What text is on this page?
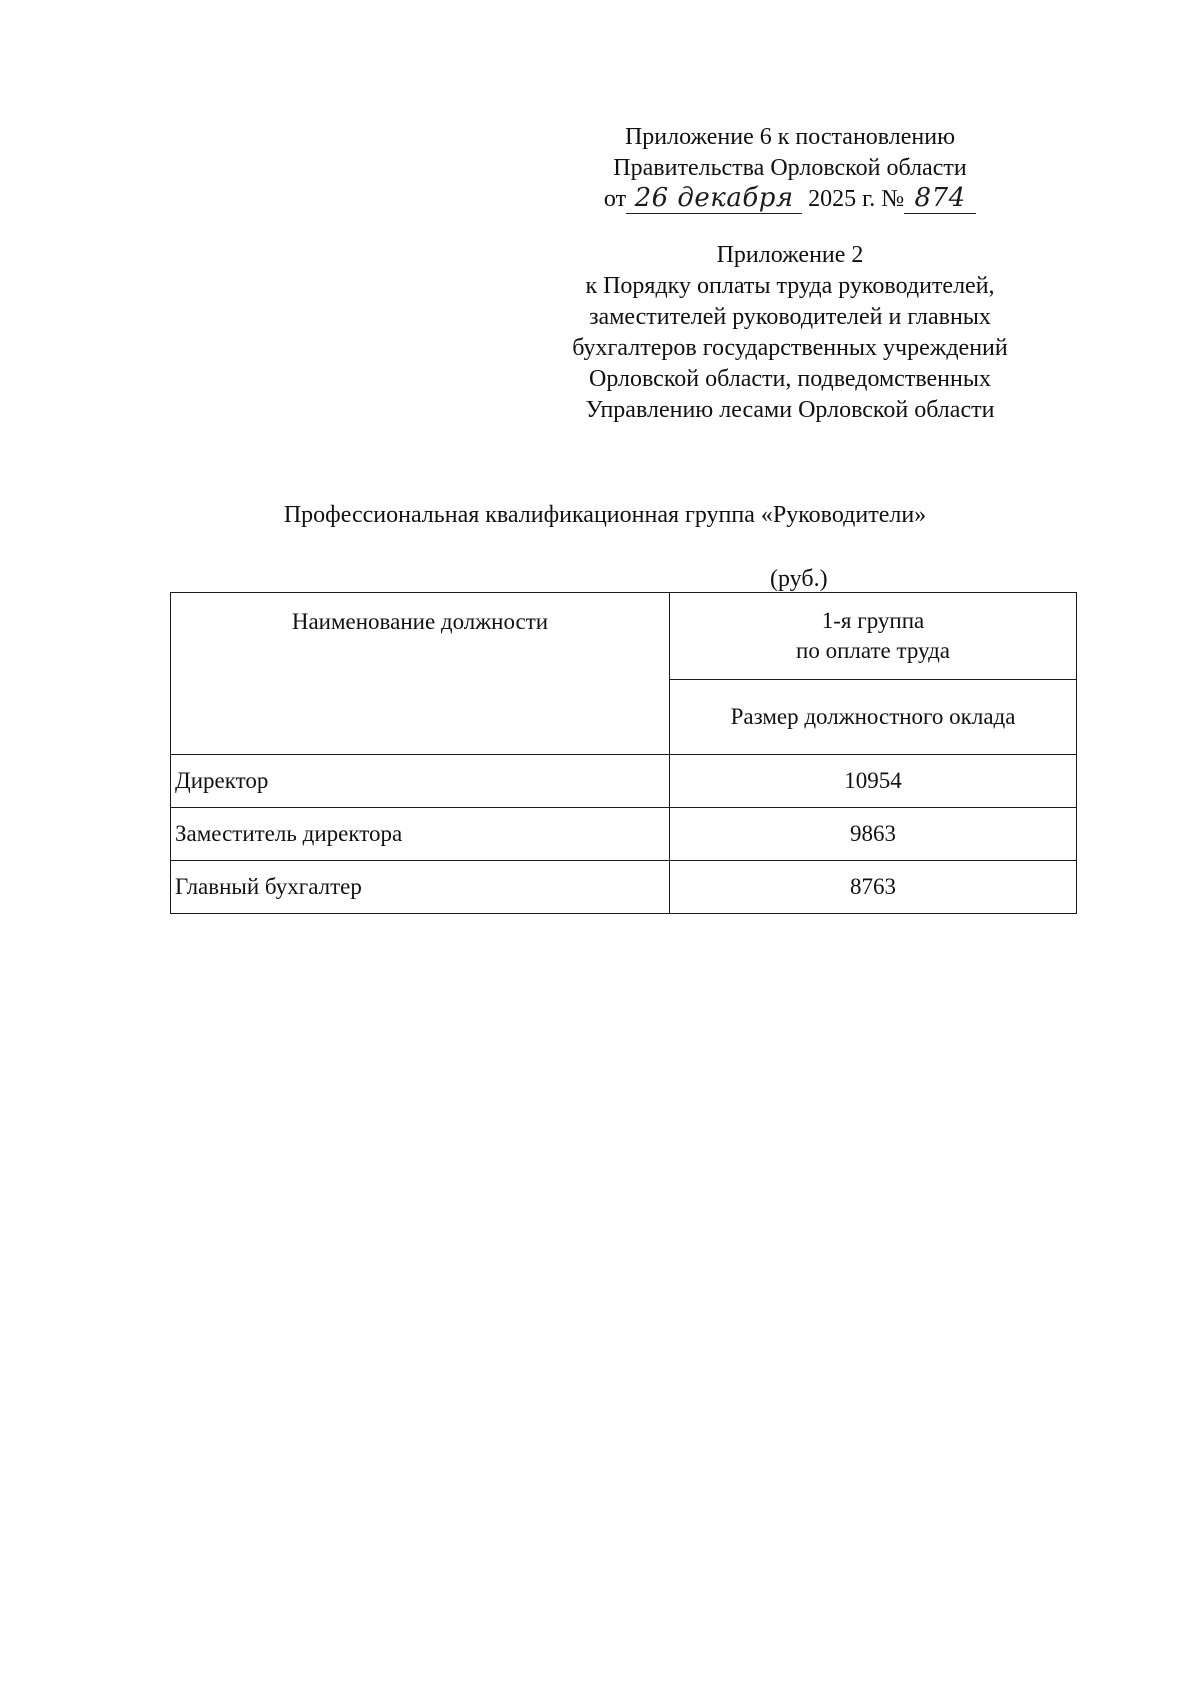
Приложение 6 к постановлению
Правительства Орловской области
от 26 декабря 2025 г. № 874
Приложение 2
к Порядку оплаты труда руководителей,
заместителей руководителей и главных
бухгалтеров государственных учреждений
Орловской области, подведомственных
Управлению лесами Орловской области
Профессиональная квалификационная группа «Руководители»
(руб.)
Наименование должности	1-я группа
по оплате труда

	Размер должностного оклада
Директор	10954
Заместитель директора	9863
Главный бухгалтер	8763
